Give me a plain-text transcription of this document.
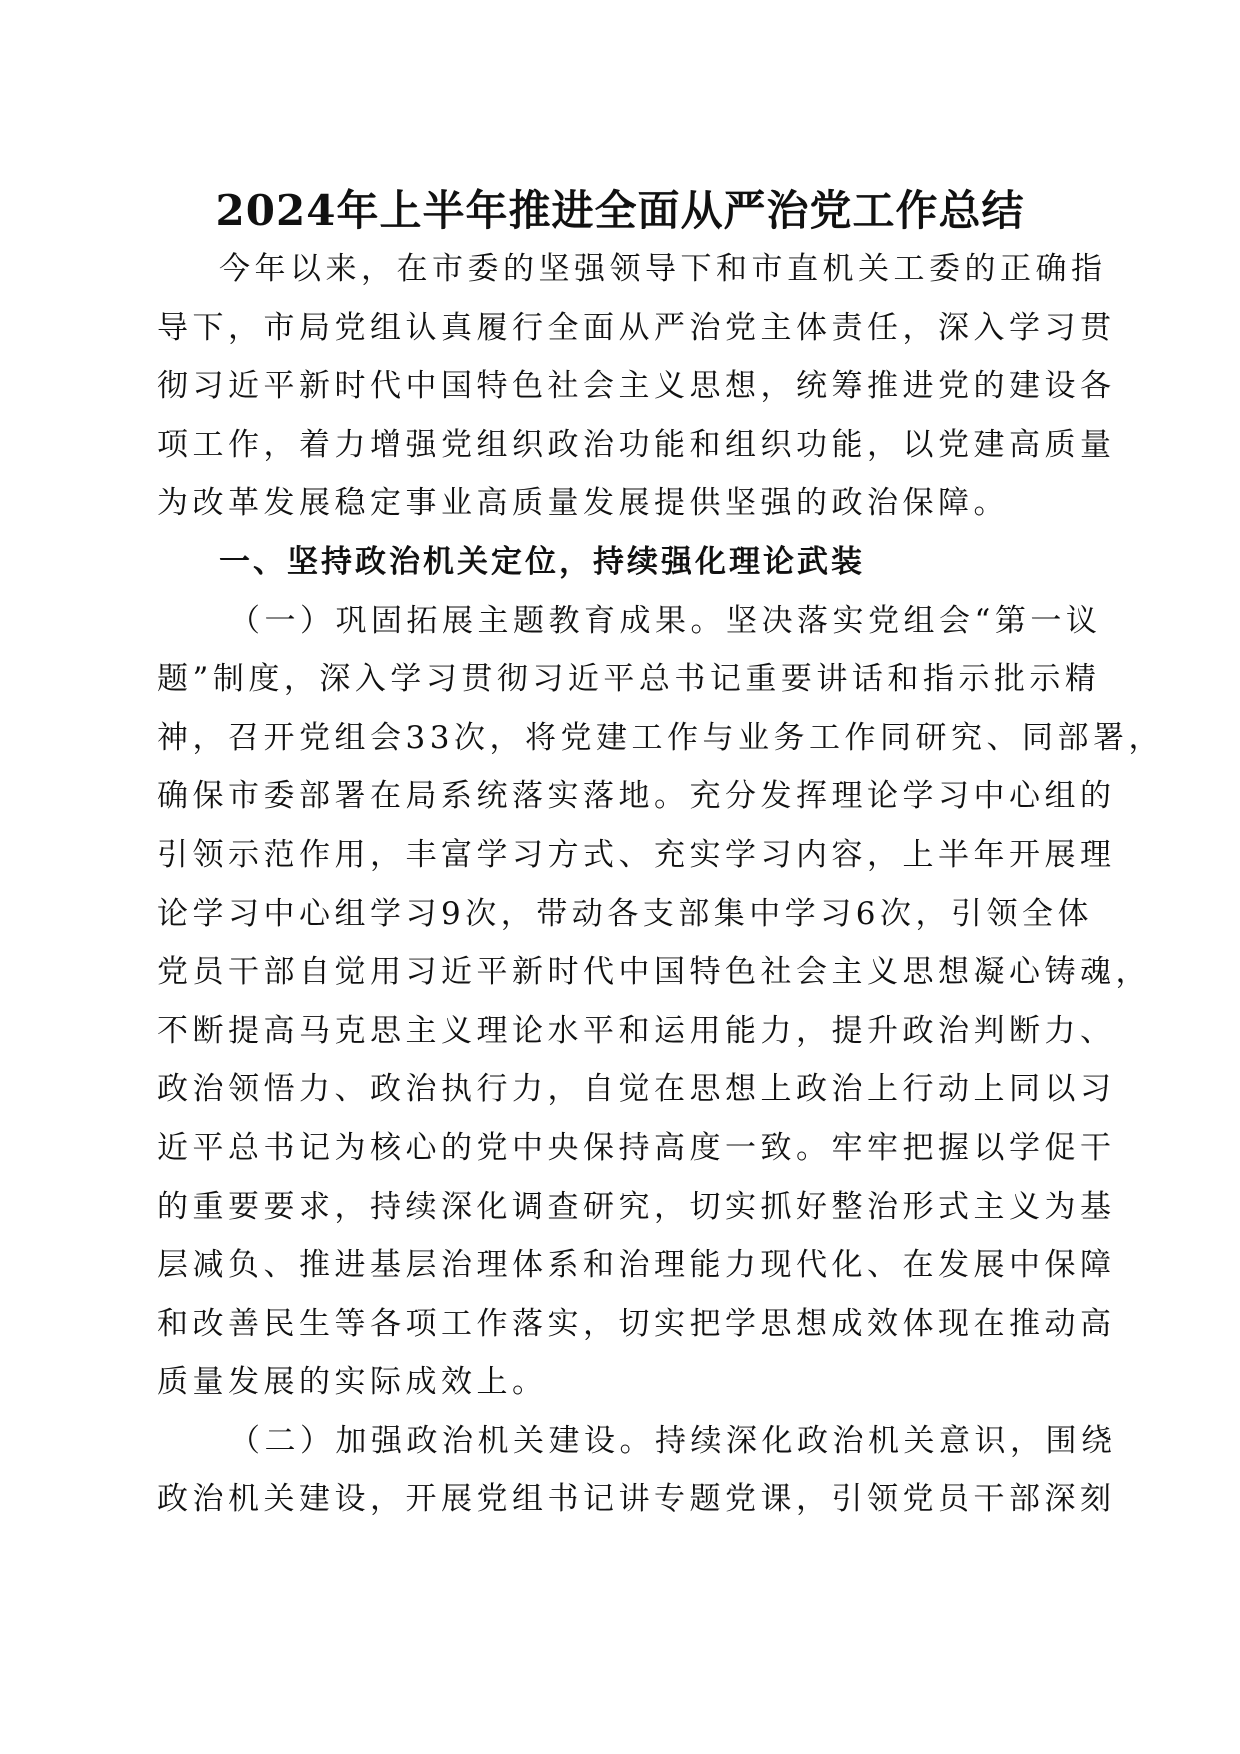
2024年上半年推进全面从严治党工作总结
今年以来，在市委的坚强领导下和市直机关工委的正确指
导下，市局党组认真履行全面从严治党主体责任，深入学习贯
彻习近平新时代中国特色社会主义思想，统筹推进党的建设各
项工作，着力增强党组织政治功能和组织功能，以党建高质量
为改革发展稳定事业高质量发展提供坚强的政治保障。
一、坚持政治机关定位，持续强化理论武装
（一）巩固拓展主题教育成果。坚决落实党组会“第一议
题”制度，深入学习贯彻习近平总书记重要讲话和指示批示精
神，召开党组会33次，将党建工作与业务工作同研究、同部署，
确保市委部署在局系统落实落地。充分发挥理论学习中心组的
引领示范作用，丰富学习方式、充实学习内容，上半年开展理
论学习中心组学习9次，带动各支部集中学习6次，引领全体
党员干部自觉用习近平新时代中国特色社会主义思想凝心铸魂，
不断提高马克思主义理论水平和运用能力，提升政治判断力、
政治领悟力、政治执行力，自觉在思想上政治上行动上同以习
近平总书记为核心的党中央保持高度一致。牢牢把握以学促干
的重要要求，持续深化调查研究，切实抓好整治形式主义为基
层减负、推进基层治理体系和治理能力现代化、在发展中保障
和改善民生等各项工作落实，切实把学思想成效体现在推动高
质量发展的实际成效上。
（二）加强政治机关建设。持续深化政治机关意识，围绕
政治机关建设，开展党组书记讲专题党课，引领党员干部深刻
